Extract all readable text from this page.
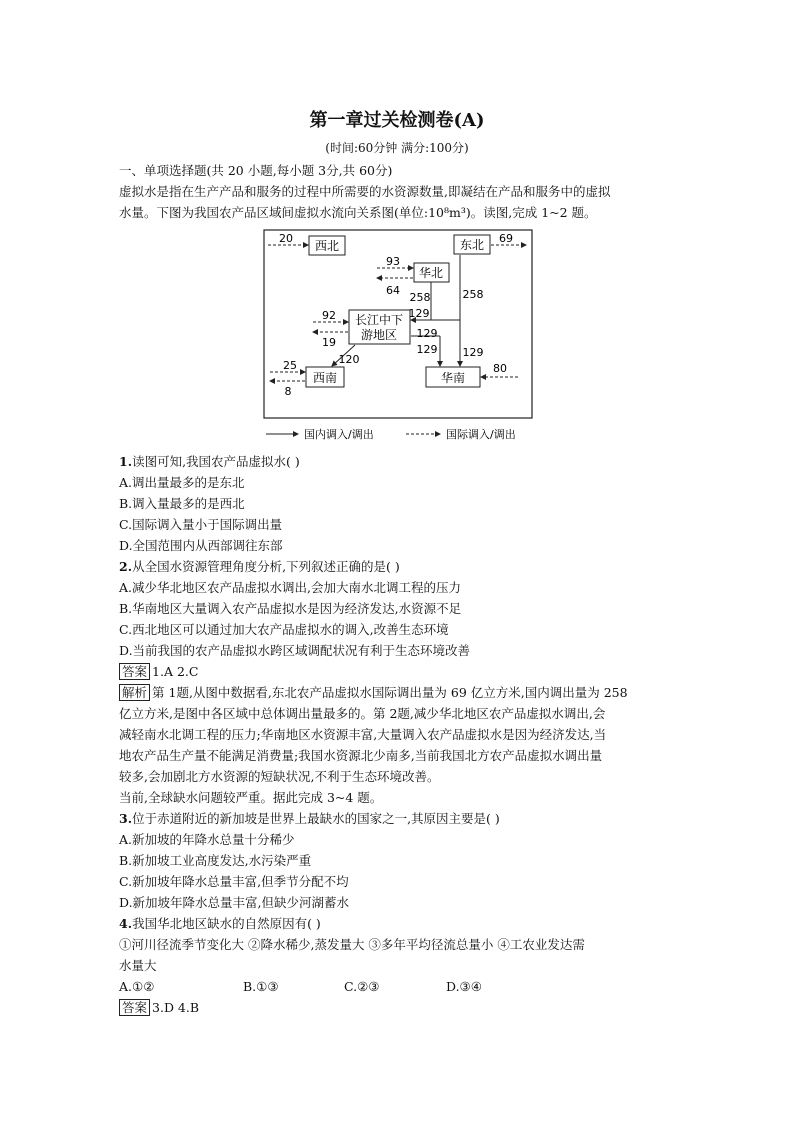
第一章过关检测卷(A)
(时间:60分钟 满分:100分)
一、单项选择题(共 20 小题,每小题 3分,共 60分)
虚拟水是指在生产产品和服务的过程中所需要的水资源数量,即凝结在产品和服务中的虚拟
水量。下图为我国农产品区域间虚拟水流向关系图(单位:10⁸m³)。读图,完成 1~2 题。
西北	东北
华北
长江中下
游地区
西南	华南
20	69
93
64
92
19
25
8
80
258
129
258
129
129
129
120
国内调入/调出	国际调入/调出
1.读图可知,我国农产品虚拟水( )
A.调出量最多的是东北
B.调入量最多的是西北
C.国际调入量小于国际调出量
D.全国范围内从西部调往东部
2.从全国水资源管理角度分析,下列叙述正确的是( )
A.减少华北地区农产品虚拟水调出,会加大南水北调工程的压力
B.华南地区大量调入农产品虚拟水是因为经济发达,水资源不足
C.西北地区可以通过加大农产品虚拟水的调入,改善生态环境
D.当前我国的农产品虚拟水跨区域调配状况有利于生态环境改善
答案 1.A 2.C
解析 第 1题,从图中数据看,东北农产品虚拟水国际调出量为 69 亿立方米,国内调出量为 258
亿立方米,是图中各区域中总体调出量最多的。第 2题,减少华北地区农产品虚拟水调出,会
减轻南水北调工程的压力;华南地区水资源丰富,大量调入农产品虚拟水是因为经济发达,当
地农产品生产量不能满足消费量;我国水资源北少南多,当前我国北方农产品虚拟水调出量
较多,会加剧北方水资源的短缺状况,不利于生态环境改善。
当前,全球缺水问题较严重。据此完成 3~4 题。
3.位于赤道附近的新加坡是世界上最缺水的国家之一,其原因主要是( )
A.新加坡的年降水总量十分稀少
B.新加坡工业高度发达,水污染严重
C.新加坡年降水总量丰富,但季节分配不均
D.新加坡年降水总量丰富,但缺少河湖蓄水
4.我国华北地区缺水的自然原因有( )
①河川径流季节变化大 ②降水稀少,蒸发量大 ③多年平均径流总量小 ④工农业发达需
水量大
A.①②	B.①③	C.②③	D.③④
答案 3.D 4.B
